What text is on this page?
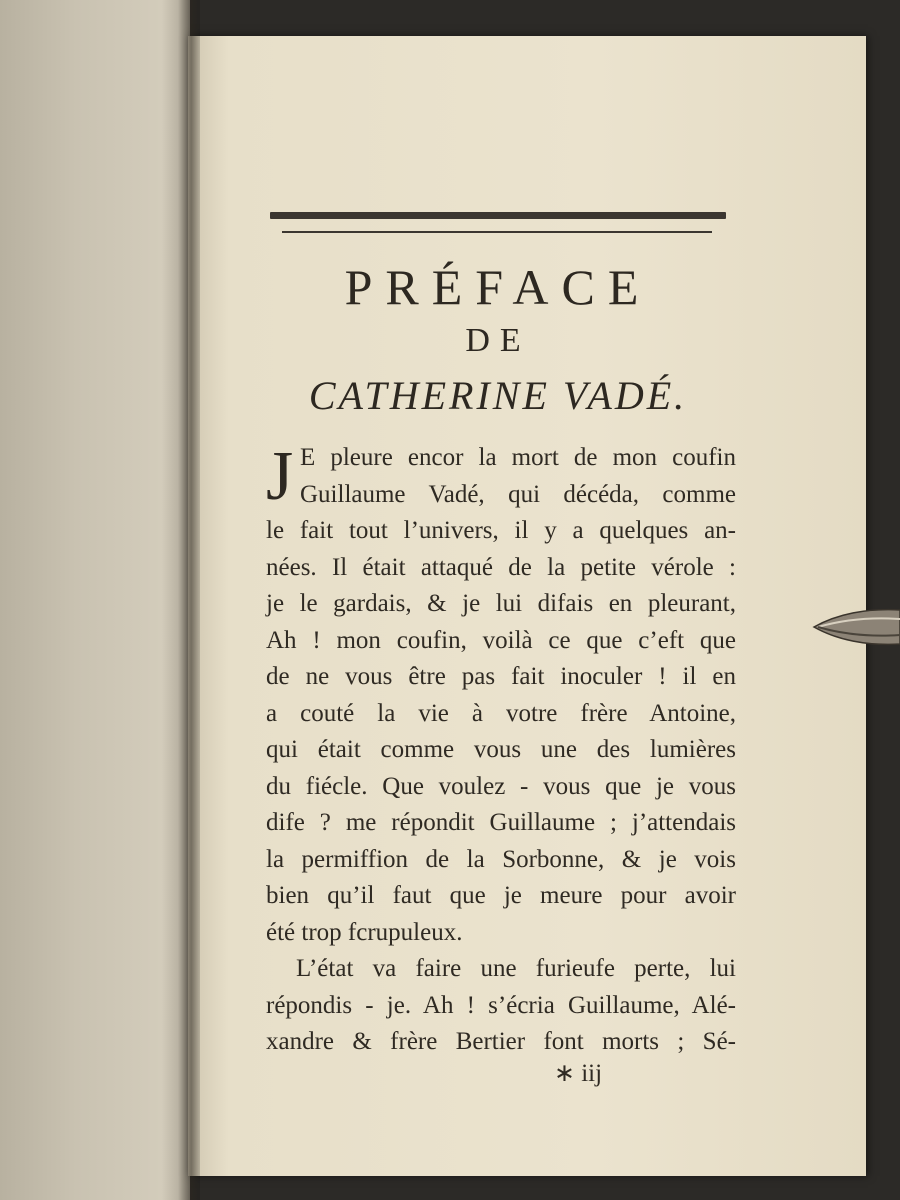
PRÉFACE
DE
CATHERINE VADÉ.
J E pleure encor la mort de mon coufin
Guillaume Vadé, qui décéda, comme
le fait tout l’univers, il y a quelques an-
nées. Il était attaqué de la petite vérole :
je le gardais, & je lui difais en pleurant,
Ah ! mon coufin, voilà ce que c’eft que
de ne vous être pas fait inoculer ! il en
a couté la vie à votre frère Antoine,
qui était comme vous une des lumières
du fiécle. Que voulez - vous que je vous
dife ? me répondit Guillaume ; j’attendais
la permiffion de la Sorbonne, & je vois
bien qu’il faut que je meure pour avoir
été trop fcrupuleux.
L’état va faire une furieufe perte, lui
répondis - je. Ah ! s’écria Guillaume, Alé-
xandre & frère Bertier font morts ; Sé-
∗ iij
